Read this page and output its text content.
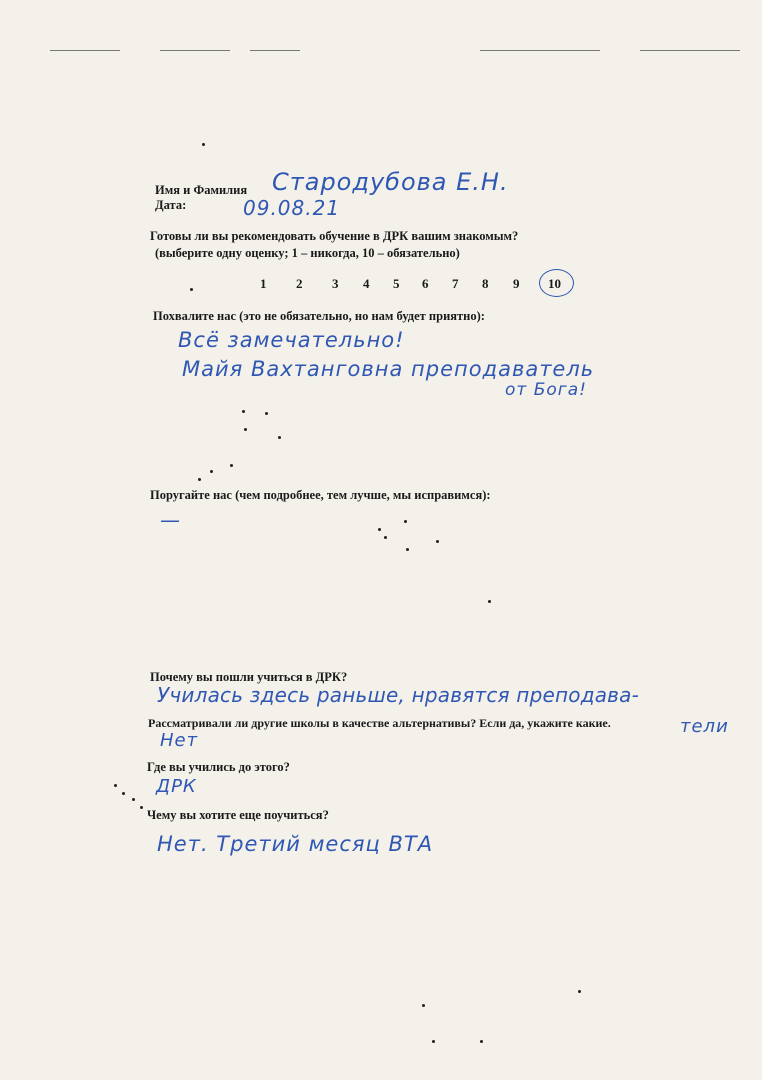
Имя и Фамилия Стародубова Е.Н.
Дата:	09.08.21
Готовы ли вы рекомендовать обучение в ДРК вашим знакомым?
(выберите одну оценку; 1 – никогда, 10 – обязательно)
1 2 3 4 5 6 7 8 9 10
Похвалите нас (это не обязательно, но нам будет приятно):
Всё замечательно!
Майя Вахтанговна преподаватель
от Бога!
Поругайте нас (чем подробнее, тем лучше, мы исправимся):
—
Почему вы пошли учиться в ДРК?
Училась здесь раньше, нравятся преподава-
тели
Рассматривали ли другие школы в качестве альтернативы? Если да, укажите какие.
Нет
Где вы учились до этого?
ДРК
Чему вы хотите еще поучиться?
Нет. Третий месяц ВТА
